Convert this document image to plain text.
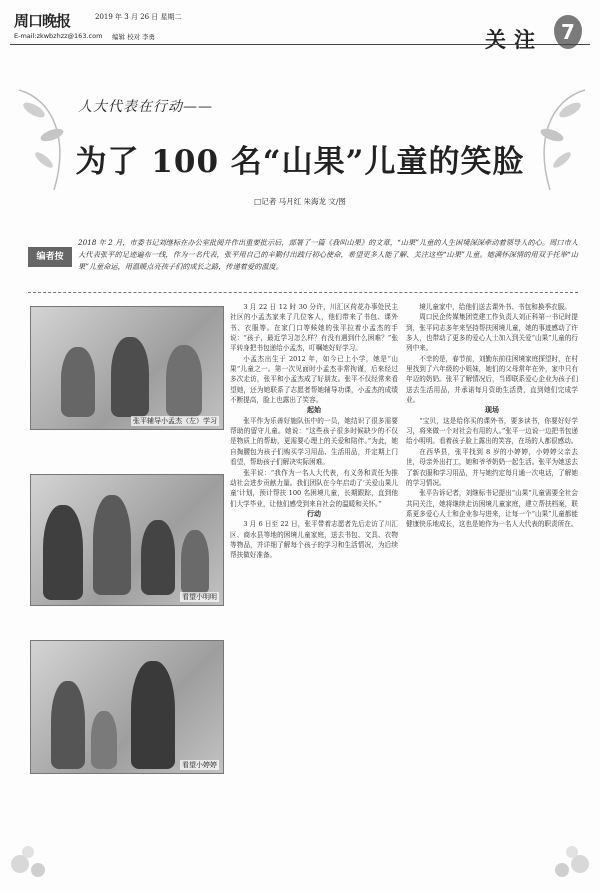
周口晚报	2019 年 3 月 26 日 星期二
E-mail:zkwbzhzz@163.com 编辑 校对 李勇	关注 7
人大代表在行动——
为了 100 名“山果”儿童的笑脸
□记者 马月红 朱海龙 文/图
编者按
2018 年 2 月，市委书记刘继标在办公室批阅并作出重要批示后，部署了一篇《我叫山果》的文章，“山果”儿童的人生困境深深牵动着领导人的心。周口市人大代表张平的足迹遍布一线，作为一名代表，张平用自己的辛勤付出践行初心使命，希望更多人能了解、关注这些“山果”儿童。她满怀深情的用双手托举“山果”儿童命运，用温暖点亮孩子们的成长之路，传递着爱的温度。
张平辅导小孟杰（左）学习
看望小明明
看望小婷婷

3 月 22 日 12 时 30 分许，川汇区荷花办事处民主社区的小孟杰家来了几位客人，他们带来了书包、课外书、衣服等。在家门口等候她的张平拉着小孟杰的手说：“孩子，最近学习怎么样？有没有遇到什么困难？”张平转身把书包递给小孟杰，叮嘱她好好学习。

小孟杰出生于 2012 年，如今已上小学，她是“山果”儿童之一。第一次见面时小孟杰非常拘谨，后来经过多次走访，张平和小孟杰成了好朋友。张平不仅经常来看望她，还为她联系了志愿者帮她辅导功课，小孟杰的成绩不断提高，脸上也露出了笑容。

起始

张平作为乐善好施队伍中的一员，她结识了很多需要帮助的留守儿童。她说：“这些孩子很多时候缺少的不仅是物质上的帮助，更需要心理上的关爱和陪伴。”为此，她自掏腰包为孩子们购买学习用品、生活用品，并定期上门看望，帮助孩子们解决实际困难。

张平说：“我作为一名人大代表，有义务和责任为推动社会进步贡献力量。我们团队在今年启动了‘关爱山果儿童’计划，预计帮扶 100 名困境儿童，长期跟踪，直到他们大学毕业，让他们感受到来自社会的温暖和关怀。”

行动

3 月 6 日至 22 日，张平带着志愿者先后走访了川汇区、商水县等地的困境儿童家庭，送去书包、文具、衣物等物品，并详细了解每个孩子的学习和生活情况，为后续帮扶做好准备。

境儿童家中，给他们送去课外书、书包和换季衣服。

周口民企传媒集团党建工作负责人刘正科第一书记时提到，张平同志多年来坚持帮扶困境儿童，她的事迹感动了许多人，也带动了更多的爱心人士加入到关爱“山果”儿童的行列中来。

不幸的是，春节前，刘勤东前往困境家庭探望时，在村里找到了六年级的小姐妹，她们的父母常年在外，家中只有年迈的奶奶。张平了解情况后，当即联系爱心企业为孩子们送去生活用品，并承诺每月资助生活费，直到她们完成学业。

现场

“宝贝，这是给你买的课外书，要多读书，你要好好学习，将来做一个对社会有用的人。”张平一边说一边把书包递给小明明。看着孩子脸上露出的笑容，在场的人都很感动。

在西华县，张平找到 8 岁的小婷婷，小婷婷父亲去世，母亲外出打工，她和爷爷奶奶一起生活。张平为她送去了新衣服和学习用品，并与她约定每月通一次电话，了解她的学习情况。

张平告诉记者，刘继标书记提出“山果”儿童需要全社会共同关注，她将继续走访困境儿童家庭，建立帮扶档案，联系更多爱心人士和企业参与进来，让每一个“山果”儿童都能健康快乐地成长，这也是她作为一名人大代表的职责所在。
